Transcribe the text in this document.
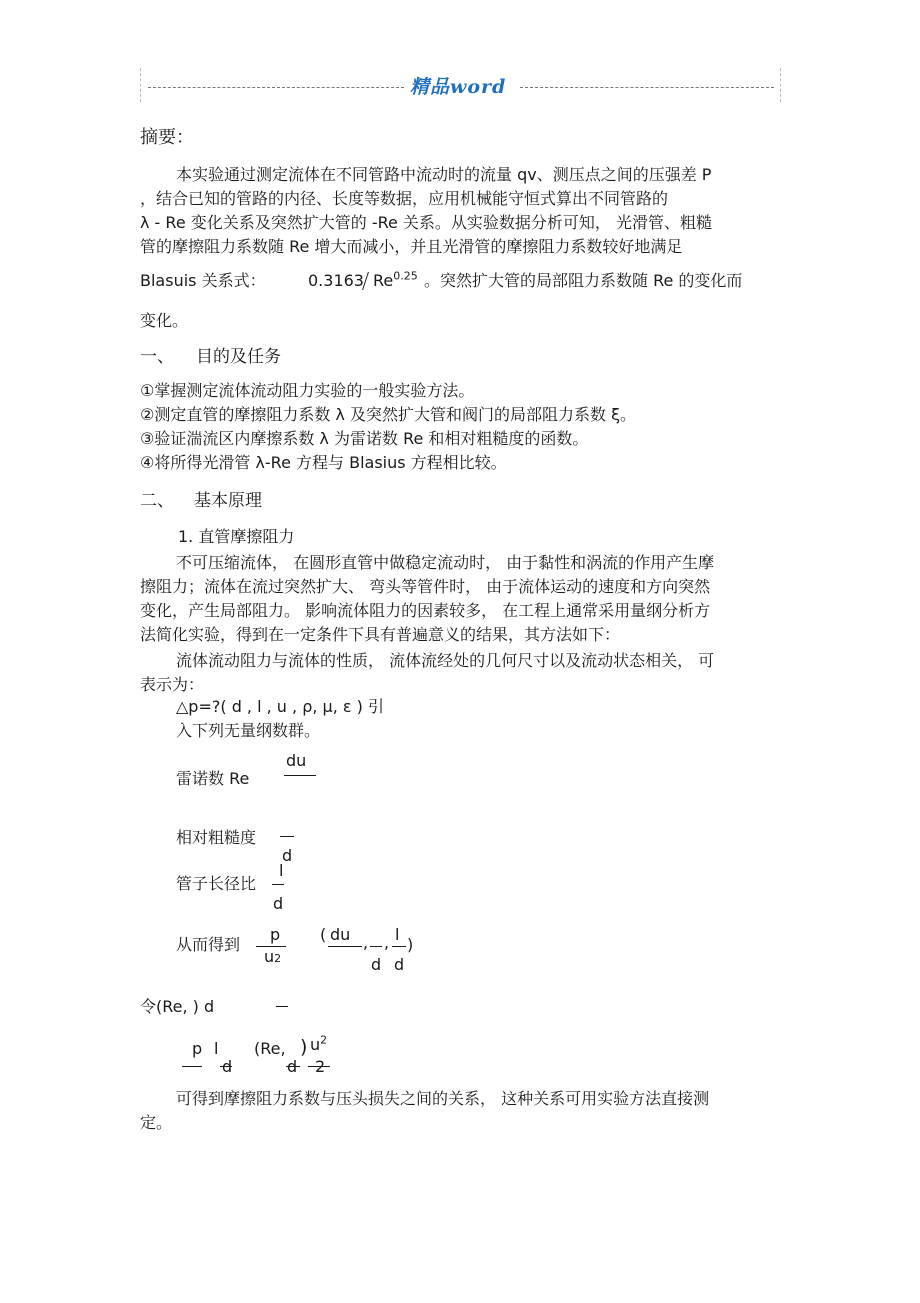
精品word
摘要：
本实验通过测定流体在不同管路中流动时的流量 qv、测压点之间的压强差 P
，结合已知的管路的内径、长度等数据，应用机械能守恒式算出不同管路的
λ - Re 变化关系及突然扩大管的 -Re 关系。从实验数据分析可知， 光滑管、粗糙
管的摩擦阻力系数随 Re 增大而减小，并且光滑管的摩擦阻力系数较好地满足
Blasuis 关系式：	0.3163 $Re^{0.25}$ 。突然扩大管的局部阻力系数随 Re 的变化而
变化。
一、 目的及任务
①掌握测定流体流动阻力实验的一般实验方法。
②测定直管的摩擦阻力系数 λ 及突然扩大管和阀门的局部阻力系数 ξ。
③验证湍流区内摩擦系数 λ 为雷诺数 Re 和相对粗糙度的函数。
④将所得光滑管 λ-Re 方程与 Blasius 方程相比较。
二、 基本原理
1. 直管摩擦阻力
不可压缩流体， 在圆形直管中做稳定流动时， 由于黏性和涡流的作用产生摩
擦阻力；流体在流过突然扩大、 弯头等管件时， 由于流体运动的速度和方向突然
变化，产生局部阻力。 影响流体阻力的因素较多， 在工程上通常采用量纲分析方
法简化实验，得到在一定条件下具有普遍意义的结果，其方法如下：
流体流动阻力与流体的性质， 流体流经处的几何尺寸以及流动状态相关， 可
表示为：
△p=?( d , l , u , ρ, μ, ε ) 引
入下列无量纲数群。
雷诺数 Re
du
相对粗糙度
d
管子长径比
l
d
从而得到
p
u2
( du , , l
)
d d
令(Re, ) d
p l
d
(Re, ) $u^2$
d 2
可得到摩擦阻力系数与压头损失之间的关系， 这种关系可用实验方法直接测
定。
